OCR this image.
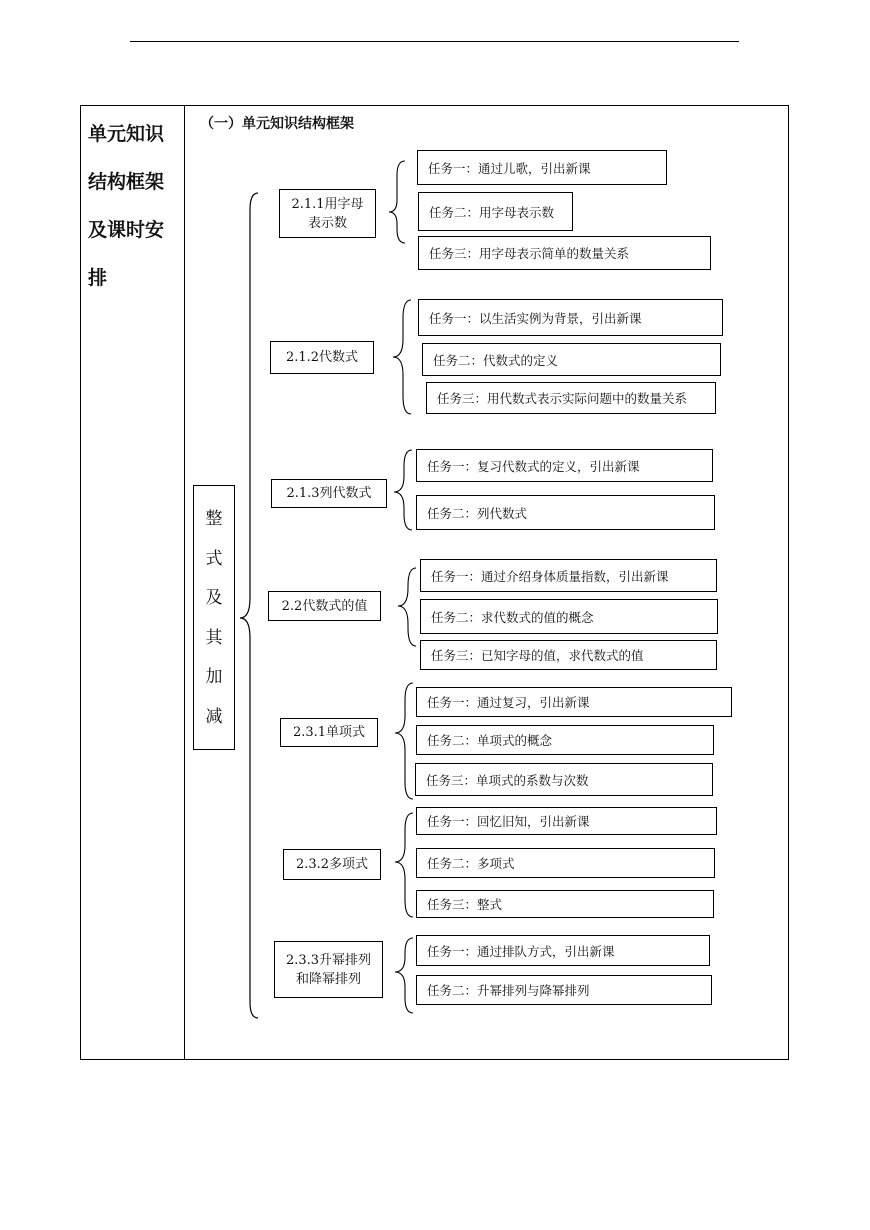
单元知识
结构框架
及课时安
排
（一）单元知识结构框架
整
式
及
其
加
减
2.1.1用字母表示数
2.1.2代数式
2.1.3列代数式
2.2代数式的值
2.3.1单项式
2.3.2多项式
2.3.3升幂排列和降幂排列
任务一：通过儿歌，引出新课
任务二：用字母表示数
任务三：用字母表示简单的数量关系
任务一：以生活实例为背景，引出新课
任务二：代数式的定义
任务三：用代数式表示实际问题中的数量关系
任务一：复习代数式的定义，引出新课
任务二：列代数式
任务一：通过介绍身体质量指数，引出新课
任务二：求代数式的值的概念
任务三：已知字母的值，求代数式的值
任务一：通过复习，引出新课
任务二：单项式的概念
任务三：单项式的系数与次数
任务一：回忆旧知，引出新课
任务二：多项式
任务三：整式
任务一：通过排队方式，引出新课
任务二：升幂排列与降幂排列
